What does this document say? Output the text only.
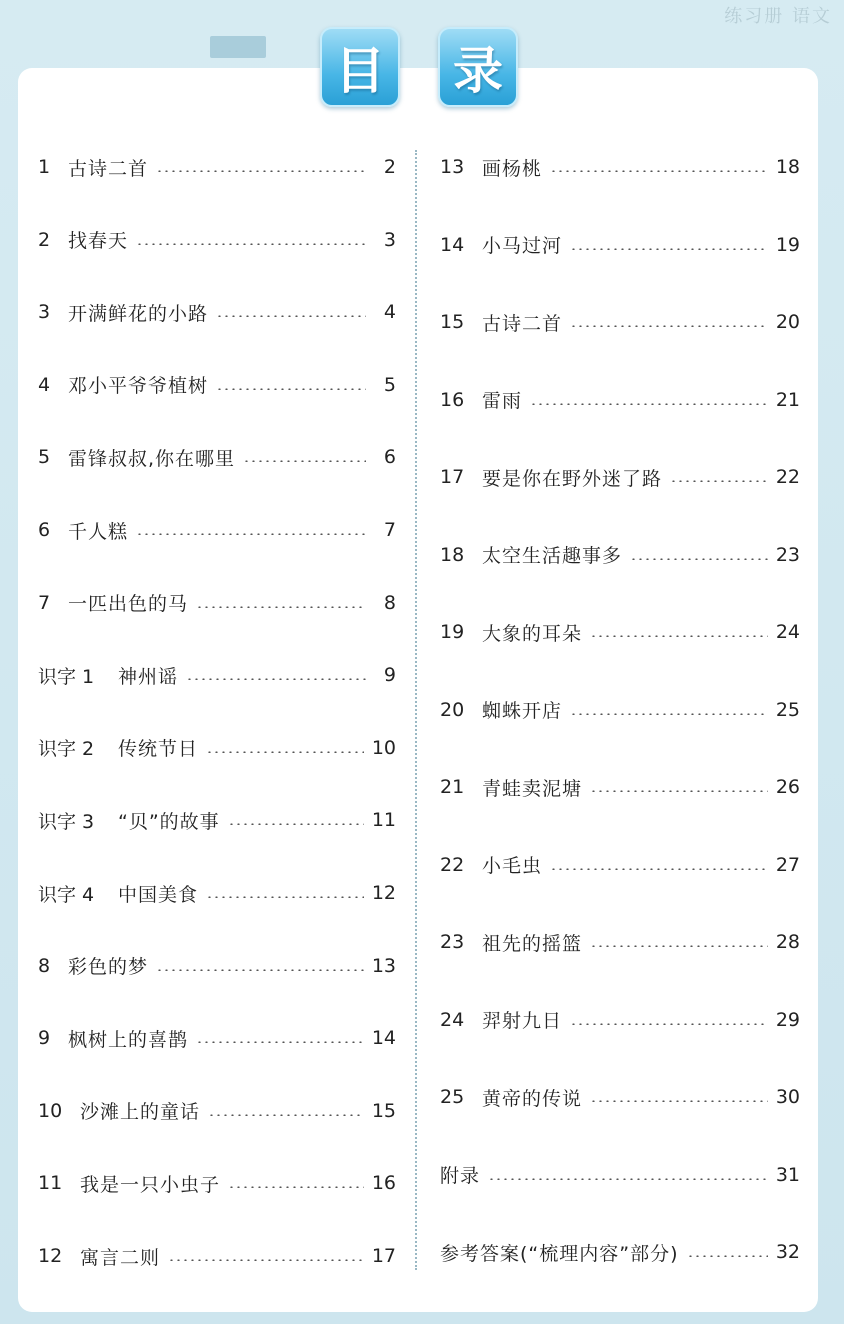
练习册 语文
目	录
1 古诗二首	2
2 找春天	3
3 开满鲜花的小路	4
4 邓小平爷爷植树	5
5 雷锋叔叔,你在哪里	6
6 千人糕	7
7 一匹出色的马	8
识字 1	神州谣	9
识字 2	传统节日	10
识字 3	“贝”的故事	11
识字 4	中国美食	12
8 彩色的梦	13
9 枫树上的喜鹊	14
10 沙滩上的童话	15
11 我是一只小虫子	16
12 寓言二则	17
13 画杨桃	18
14 小马过河	19
15 古诗二首	20
16 雷雨	21
17 要是你在野外迷了路	22
18 太空生活趣事多	23
19 大象的耳朵	24
20 蜘蛛开店	25
21 青蛙卖泥塘	26
22 小毛虫	27
23 祖先的摇篮	28
24 羿射九日	29
25 黄帝的传说	30
附录	31
参考答案(“梳理内容”部分)	32
